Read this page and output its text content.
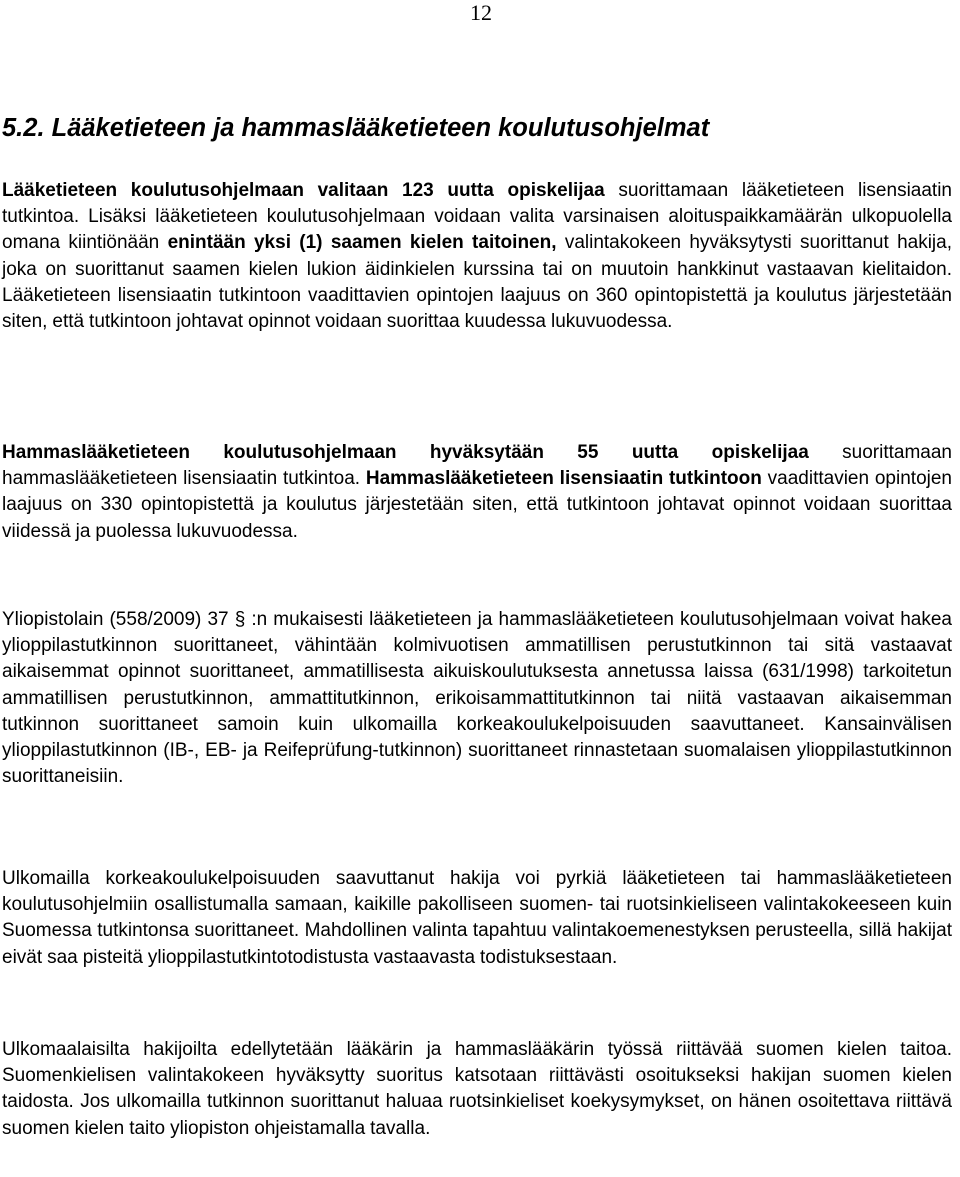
12
5.2. Lääketieteen ja hammaslääketieteen koulutusohjelmat

Lääketieteen koulutusohjelmaan valitaan 123 uutta opiskelijaa suorittamaan lääketieteen lisensiaatin tutkintoa. Lisäksi lääketieteen koulutusohjelmaan voidaan valita varsinaisen aloituspaikkamäärän ulkopuolella omana kiintiönään enintään yksi (1) saamen kielen taitoinen, valintakokeen hyväksytysti suorittanut hakija, joka on suorittanut saamen kielen lukion äidinkielen kurssina tai on muutoin hankkinut vastaavan kielitaidon. Lääketieteen lisensiaatin tutkintoon vaadittavien opintojen laajuus on 360 opintopistettä ja koulutus järjestetään siten, että tutkintoon johtavat opinnot voidaan suorittaa kuudessa lukuvuodessa.

Hammaslääketieteen koulutusohjelmaan hyväksytään 55 uutta opiskelijaa suorittamaan hammaslääketieteen lisensiaatin tutkintoa. Hammaslääketieteen lisensiaatin tutkintoon vaadittavien opintojen laajuus on 330 opintopistettä ja koulutus järjestetään siten, että tutkintoon johtavat opinnot voidaan suorittaa viidessä ja puolessa lukuvuodessa.

Yliopistolain (558/2009) 37 § :n mukaisesti lääketieteen ja hammaslääketieteen koulutusohjelmaan voivat hakea ylioppilastutkinnon suorittaneet, vähintään kolmivuotisen ammatillisen perustutkinnon tai sitä vastaavat aikaisemmat opinnot suorittaneet, ammatillisesta aikuiskoulutuksesta annetussa laissa (631/1998) tarkoitetun ammatillisen perustutkinnon, ammattitutkinnon, erikoisammattitutkinnon tai niitä vastaavan aikaisemman tutkinnon suorittaneet samoin kuin ulkomailla korkeakoulukelpoisuuden saavuttaneet. Kansainvälisen ylioppilastutkinnon (IB-, EB- ja Reifeprüfung-tutkinnon) suorittaneet rinnastetaan suomalaisen ylioppilastutkinnon suorittaneisiin.

Ulkomailla korkeakoulukelpoisuuden saavuttanut hakija voi pyrkiä lääketieteen tai hammaslääketieteen koulutusohjelmiin osallistumalla samaan, kaikille pakolliseen suomen- tai ruotsinkieliseen valintakokeeseen kuin Suomessa tutkintonsa suorittaneet. Mahdollinen valinta tapahtuu valintakoemenestyksen perusteella, sillä hakijat eivät saa pisteitä ylioppilastutkintotodistusta vastaavasta todistuksestaan.

Ulkomaalaisilta hakijoilta edellytetään lääkärin ja hammaslääkärin työssä riittävää suomen kielen taitoa. Suomenkielisen valintakokeen hyväksytty suoritus katsotaan riittävästi osoitukseksi hakijan suomen kielen taidosta. Jos ulkomailla tutkinnon suorittanut haluaa ruotsinkieliset koekysymykset, on hänen osoitettava riittävä suomen kielen taito yliopiston ohjeistamalla tavalla.
